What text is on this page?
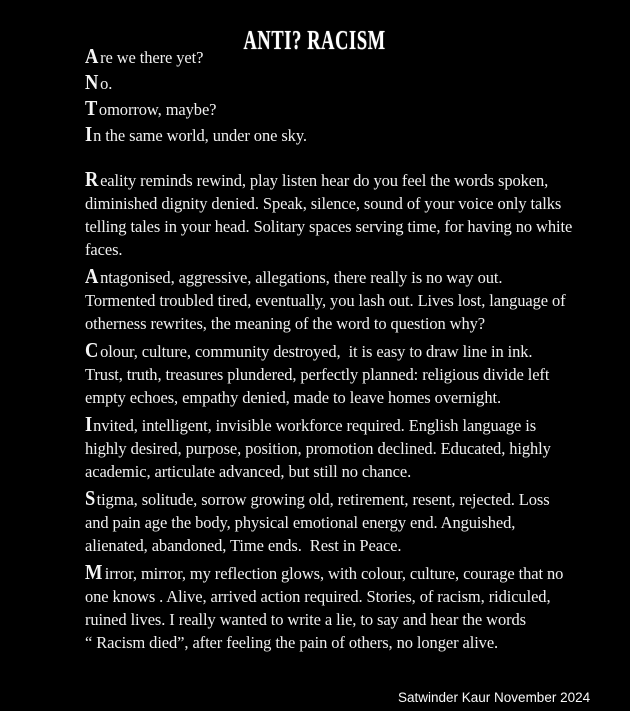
ANTI? RACISM
A re we there yet?
N o.
T omorrow, maybe?
In the same world, under one sky.
R eality reminds rewind, play listen hear do you feel the words spoken,
diminished dignity denied. Speak, silence, sound of your voice only talks
telling tales in your head. Solitary spaces serving time, for having no white
faces.
A ntagonised, aggressive, allegations, there really is no way out.
Tormented troubled tired, eventually, you lash out. Lives lost, language of
otherness rewrites, the meaning of the word to question why?
C olour, culture, community destroyed,  it is easy to draw line in ink.
Trust, truth, treasures plundered, perfectly planned: religious divide left
empty echoes, empathy denied, made to leave homes overnight.
Invited, intelligent, invisible workforce required. English language is
highly desired, purpose, position, promotion declined. Educated, highly
academic, articulate advanced, but still no chance.
Stigma, solitude, sorrow growing old, retirement, resent, rejected. Loss
and pain age the body, physical emotional energy end. Anguished,
alienated, abandoned, Time ends.  Rest in Peace.
M irror, mirror, my reflection glows, with colour, culture, courage that no
one knows . Alive, arrived action required. Stories, of racism, ridiculed,
ruined lives. I really wanted to write a lie, to say and hear the words
“ Racism died”, after feeling the pain of others, no longer alive.
Satwinder Kaur November 2024
